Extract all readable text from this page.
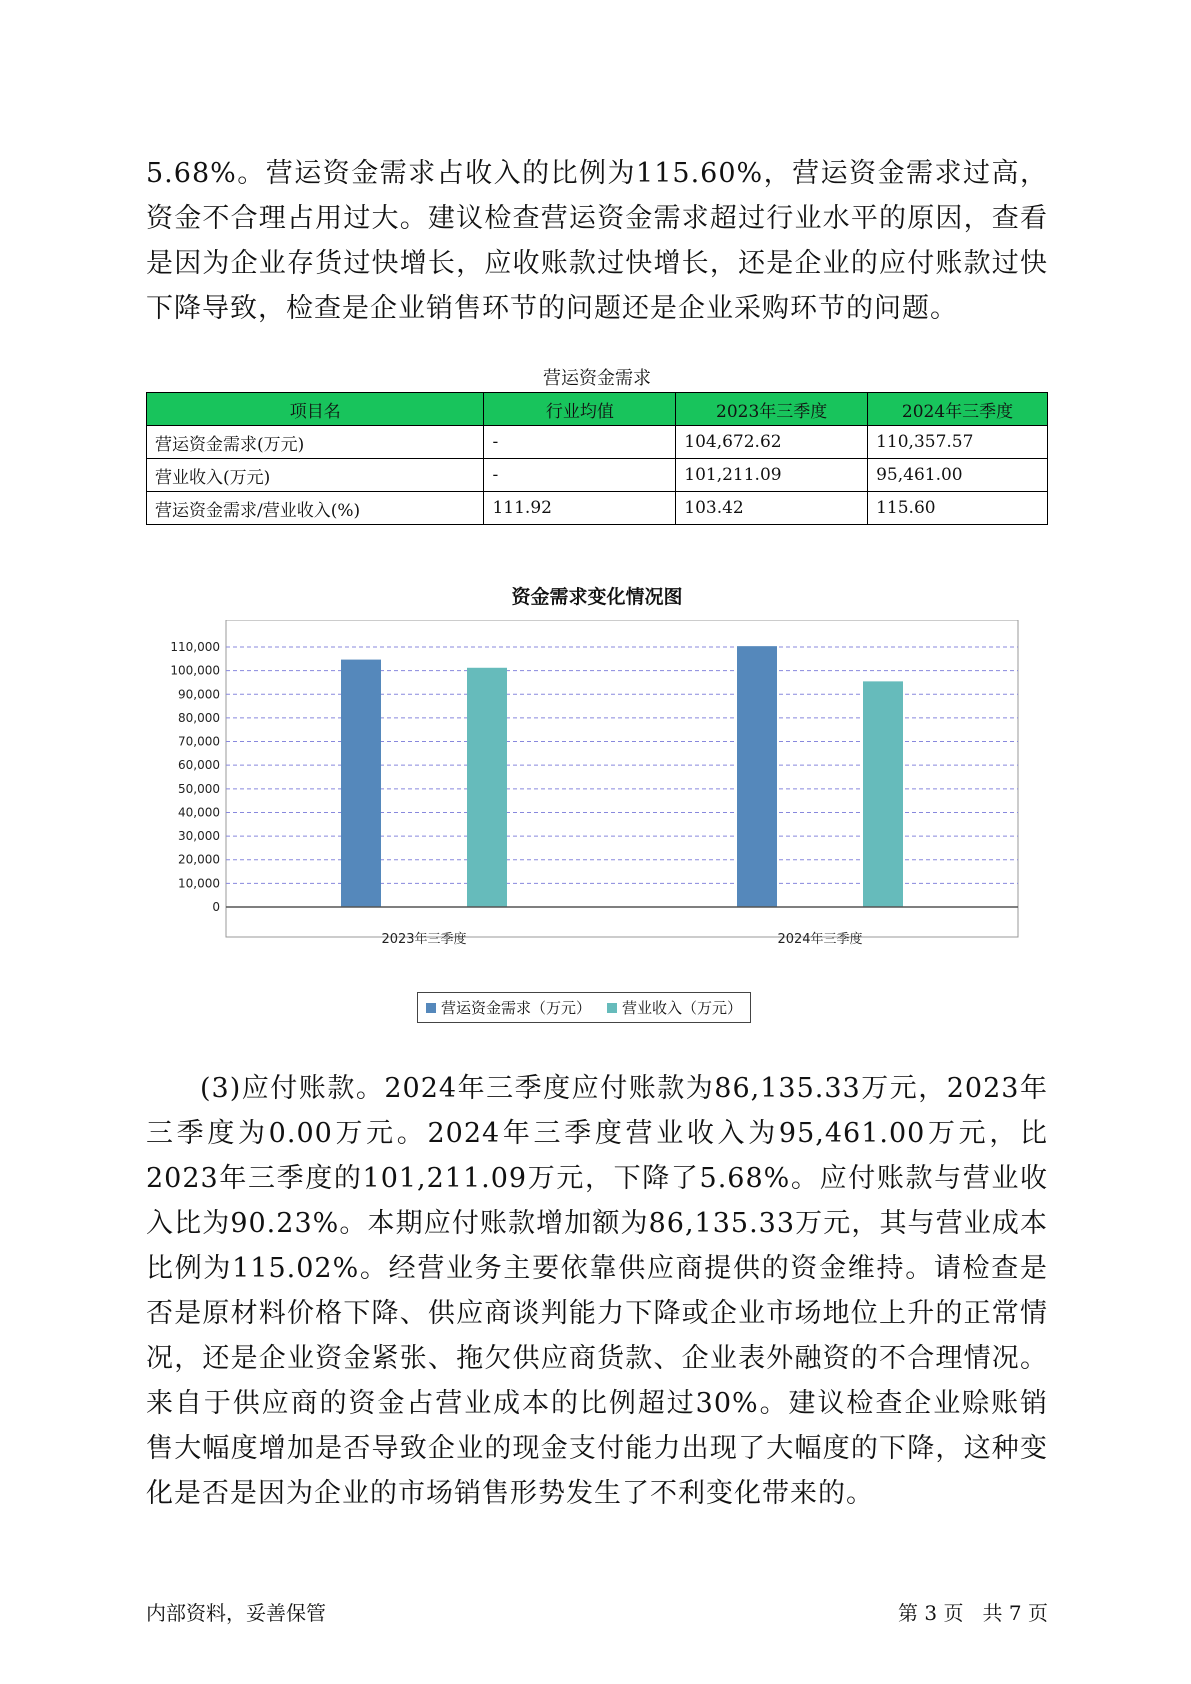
5.68%。营运资金需求占收入的比例为115.60%，营运资金需求过高，资金不合理占用过大。建议检查营运资金需求超过行业水平的原因，查看是因为企业存货过快增长，应收账款过快增长，还是企业的应付账款过快下降导致，检查是企业销售环节的问题还是企业采购环节的问题。

营运资金需求
项目名	行业均值	2023年三季度	2024年三季度
营运资金需求(万元)	-	104,672.62	110,357.57
营业收入(万元)	-	101,211.09	95,461.00
营运资金需求/营业收入(%)	111.92	103.42	115.60
资金需求变化情况图
0
10,000
20,000
30,000
40,000
50,000
60,000
70,000
80,000
90,000
100,000
110,000
2023年三季度	2024年三季度
营运资金需求（万元） 营业收入（万元）

(3)应付账款。2024年三季度应付账款为86,135.33万元，2023年三季度为0.00万元。2024年三季度营业收入为95,461.00万元，比2023年三季度的101,211.09万元，下降了5.68%。应付账款与营业收入比为90.23%。本期应付账款增加额为86,135.33万元，其与营业成本比例为115.02%。经营业务主要依靠供应商提供的资金维持。请检查是否是原材料价格下降、供应商谈判能力下降或企业市场地位上升的正常情况，还是企业资金紧张、拖欠供应商货款、企业表外融资的不合理情况。来自于供应商的资金占营业成本的比例超过30%。建议检查企业赊账销售大幅度增加是否导致企业的现金支付能力出现了大幅度的下降，这种变化是否是因为企业的市场销售形势发生了不利变化带来的。

内部资料，妥善保管	第 3 页   共 7 页
